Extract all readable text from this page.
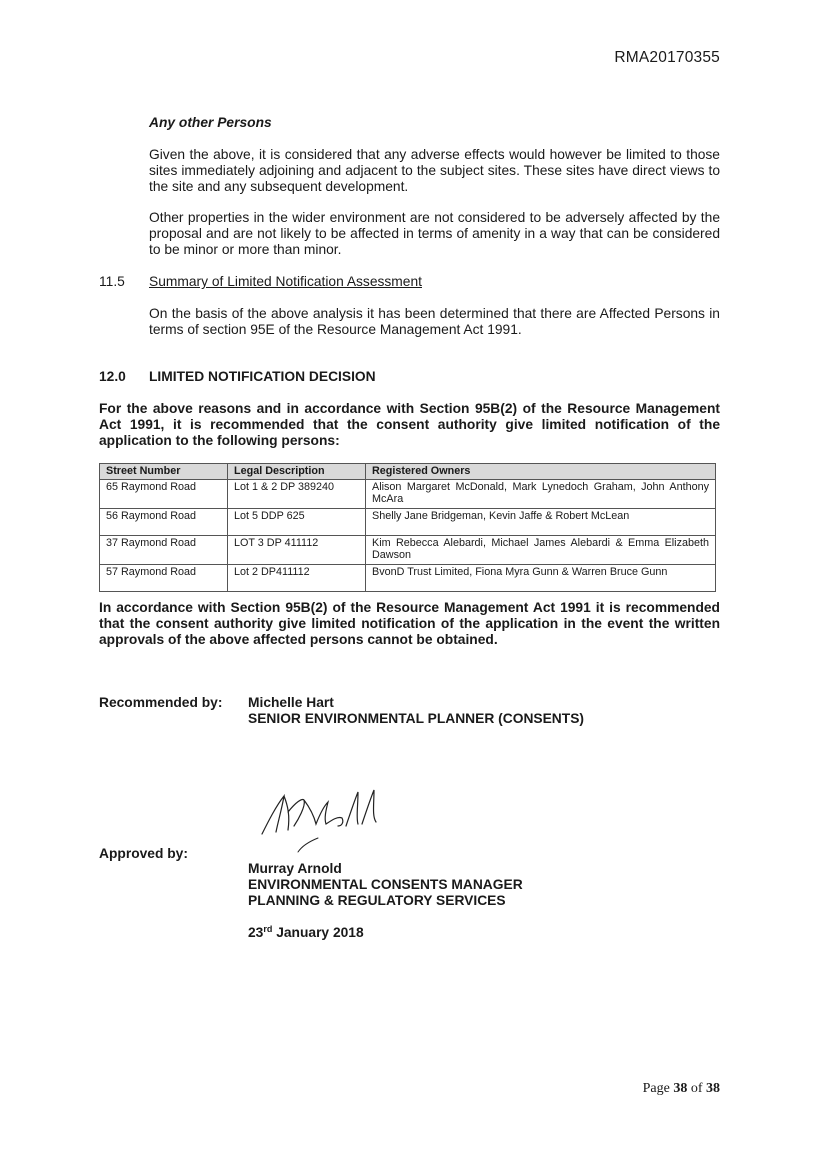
RMA20170355
Any other Persons
Given the above, it is considered that any adverse effects would however be limited to those sites immediately adjoining and adjacent to the subject sites. These sites have direct views to the site and any subsequent development.
Other properties in the wider environment are not considered to be adversely affected by the proposal and are not likely to be affected in terms of amenity in a way that can be considered to be minor or more than minor.
11.5 Summary of Limited Notification Assessment
On the basis of the above analysis it has been determined that there are Affected Persons in terms of section 95E of the Resource Management Act 1991.
12.0 LIMITED NOTIFICATION DECISION
For the above reasons and in accordance with Section 95B(2) of the Resource Management Act 1991, it is recommended that the consent authority give limited notification of the application to the following persons:
Street Number	Legal Description	Registered Owners
65 Raymond Road	Lot 1 & 2 DP 389240	Alison Margaret McDonald, Mark Lynedoch Graham, John Anthony McAra
56 Raymond Road	Lot 5 DDP 625	Shelly Jane Bridgeman, Kevin Jaffe & Robert McLean
37 Raymond Road	LOT 3 DP 411112	Kim Rebecca Alebardi, Michael James Alebardi & Emma Elizabeth Dawson
57 Raymond Road	Lot 2 DP411112	BvonD Trust Limited, Fiona Myra Gunn & Warren Bruce Gunn
In accordance with Section 95B(2) of the Resource Management Act 1991 it is recommended that the consent authority give limited notification of the application in the event the written approvals of the above affected persons cannot be obtained.
Recommended by: Michelle Hart
SENIOR ENVIRONMENTAL PLANNER (CONSENTS)
Approved by:
Murray Arnold
ENVIRONMENTAL CONSENTS MANAGER
PLANNING & REGULATORY SERVICES
23rd January 2018
Page 38 of 38
